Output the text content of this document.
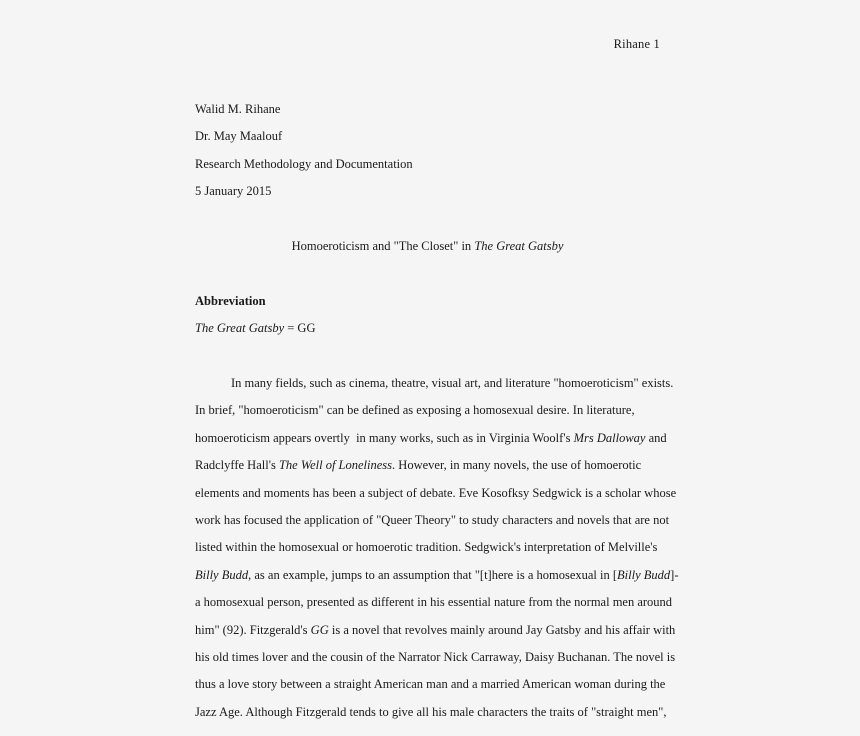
Rihane 1
Walid M. Rihane
Dr. May Maalouf
Research Methodology and Documentation
5 January 2015
Homoeroticism and "The Closet" in The Great Gatsby
Abbreviation
The Great Gatsby = GG
In many fields, such as cinema, theatre, visual art, and literature "homoeroticism" exists.
In brief, "homoeroticism" can be defined as exposing a homosexual desire. In literature,
homoeroticism appears overtly  in many works, such as in Virginia Woolf's Mrs Dalloway and
Radclyffe Hall's The Well of Loneliness. However, in many novels, the use of homoerotic
elements and moments has been a subject of debate. Eve Kosofksy Sedgwick is a scholar whose
work has focused the application of "Queer Theory" to study characters and novels that are not
listed within the homosexual or homoerotic tradition. Sedgwick's interpretation of Melville's
Billy Budd, as an example, jumps to an assumption that "[t]here is a homosexual in [Billy Budd]-
a homosexual person, presented as different in his essential nature from the normal men around
him" (92). Fitzgerald's GG is a novel that revolves mainly around Jay Gatsby and his affair with
his old times lover and the cousin of the Narrator Nick Carraway, Daisy Buchanan. The novel is
thus a love story between a straight American man and a married American woman during the
Jazz Age. Although Fitzgerald tends to give all his male characters the traits of "straight men",
